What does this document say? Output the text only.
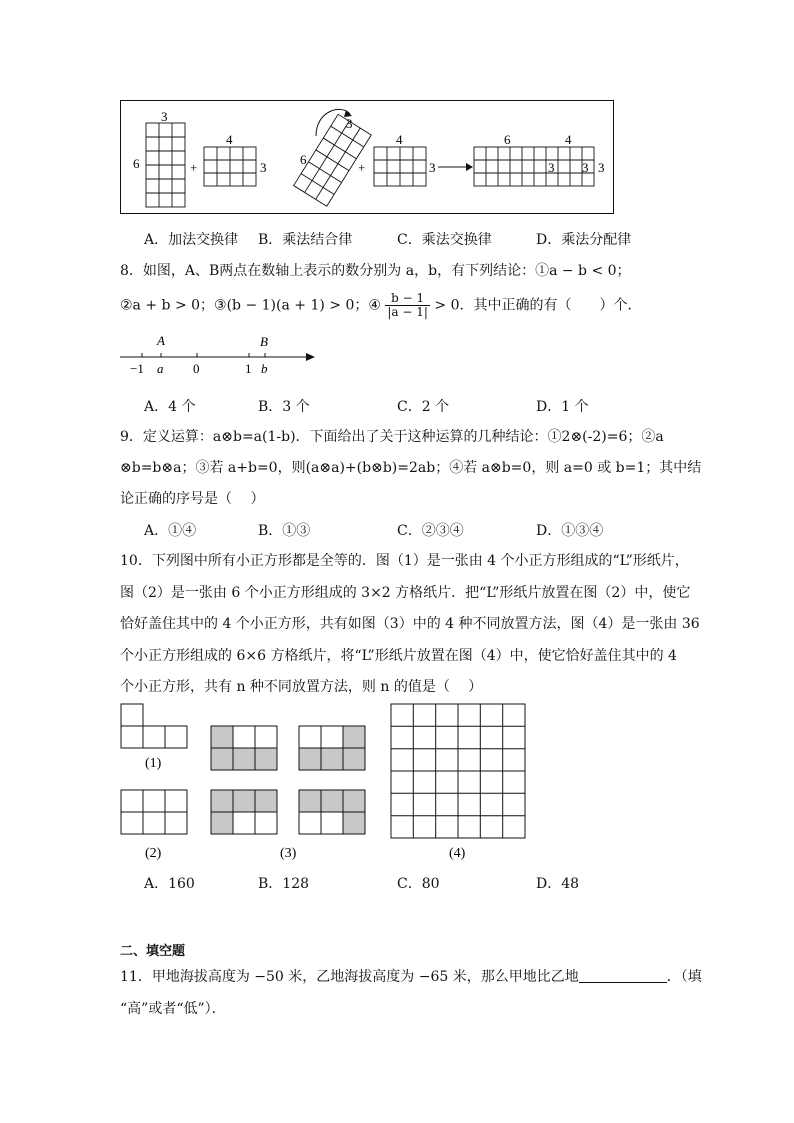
3
6	+
4
3
3
6
+
4
3
6	4
3 3 3
A．加法交换律 B．乘法结合律	C．乘法交换律	D．乘法分配律
8．如图，A、B两点在数轴上表示的数分别为 a，b，有下列结论：①a − b < 0；
②a + b > 0；③(b − 1)(a + 1) > 0；④ $\frac{b - 1}{|a - 1|} > 0$．其中正确的有（　　）个．
A	B
−1 a 0	1 b
A．4 个	B．3 个	C．2 个	D．1 个
9．定义运算：a⊗b=a(1-b)．下面给出了关于这种运算的几种结论：①2⊗(-2)=6；②a
⊗b=b⊗a；③若 a+b=0，则(a⊗a)+(b⊗b)=2ab；④若 a⊗b=0，则 a=0 或 b=1；其中结
论正确的序号是（　 ）
A．①④	B．①③	C．②③④	D．①③④
10．下列图中所有小正方形都是全等的．图（1）是一张由 4 个小正方形组成的“L”形纸片，
图（2）是一张由 6 个小正方形组成的 3×2 方格纸片．把“L”形纸片放置在图（2）中，使它
恰好盖住其中的 4 个小正方形，共有如图（3）中的 4 种不同放置方法，图（4）是一张由 36
个小正方形组成的 6×6 方格纸片，将“L”形纸片放置在图（4）中，使它恰好盖住其中的 4
个小正方形，共有 n 种不同放置方法，则 n 的值是（　 ）
(1)
(2)	(3)	(4)
A．160	B．128	C．80	D．48
二、填空题
11．甲地海拔高度为 −50 米，乙地海拔高度为 −65 米，那么甲地比乙地	．（填
“高”或者“低”）．
